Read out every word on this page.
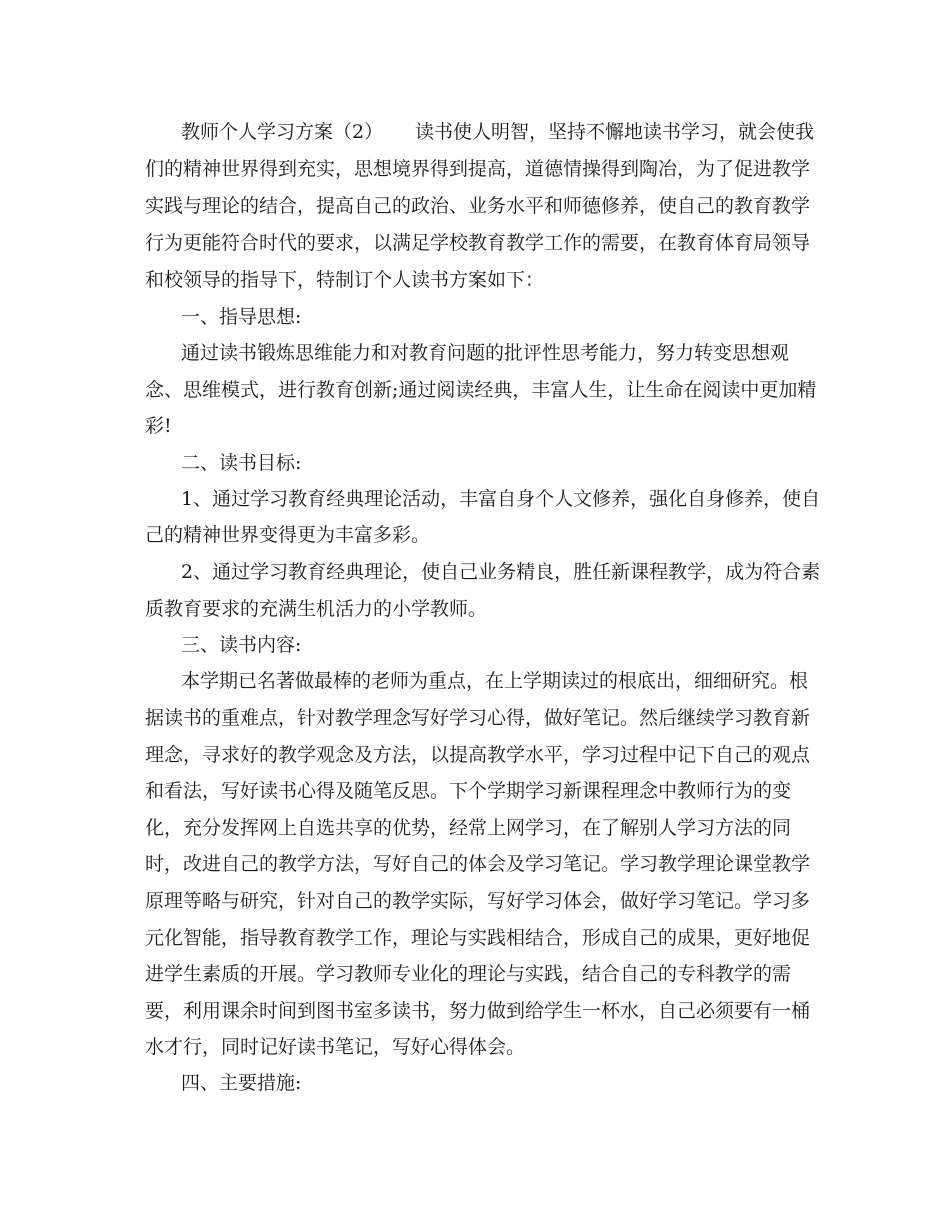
教师个人学习方案（2） 读书使人明智，坚持不懈地读书学习，就会使我

们的精神世界得到充实，思想境界得到提高，道德情操得到陶冶，为了促进教学

实践与理论的结合，提高自己的政治、业务水平和师德修养，使自己的教育教学

行为更能符合时代的要求，以满足学校教育教学工作的需要，在教育体育局领导

和校领导的指导下，特制订个人读书方案如下：

一、指导思想:

通过读书锻炼思维能力和对教育问题的批评性思考能力，努力转变思想观

念、思维模式，进行教育创新;通过阅读经典，丰富人生，让生命在阅读中更加精

彩!

二、读书目标:

1、通过学习教育经典理论活动，丰富自身个人文修养，强化自身修养，使自

己的精神世界变得更为丰富多彩。

2、通过学习教育经典理论，使自己业务精良，胜任新课程教学，成为符合素

质教育要求的充满生机活力的小学教师。

三、读书内容:

本学期已名著做最棒的老师为重点，在上学期读过的根底出，细细研究。根

据读书的重难点，针对教学理念写好学习心得，做好笔记。然后继续学习教育新

理念，寻求好的教学观念及方法，以提高教学水平，学习过程中记下自己的观点

和看法，写好读书心得及随笔反思。下个学期学习新课程理念中教师行为的变

化，充分发挥网上自选共享的优势，经常上网学习，在了解别人学习方法的同

时，改进自己的教学方法，写好自己的体会及学习笔记。学习教学理论课堂教学

原理等略与研究，针对自己的教学实际，写好学习体会，做好学习笔记。学习多

元化智能，指导教育教学工作，理论与实践相结合，形成自己的成果，更好地促

进学生素质的开展。学习教师专业化的理论与实践，结合自己的专科教学的需

要，利用课余时间到图书室多读书，努力做到给学生一杯水，自己必须要有一桶

水才行，同时记好读书笔记，写好心得体会。

四、主要措施:
